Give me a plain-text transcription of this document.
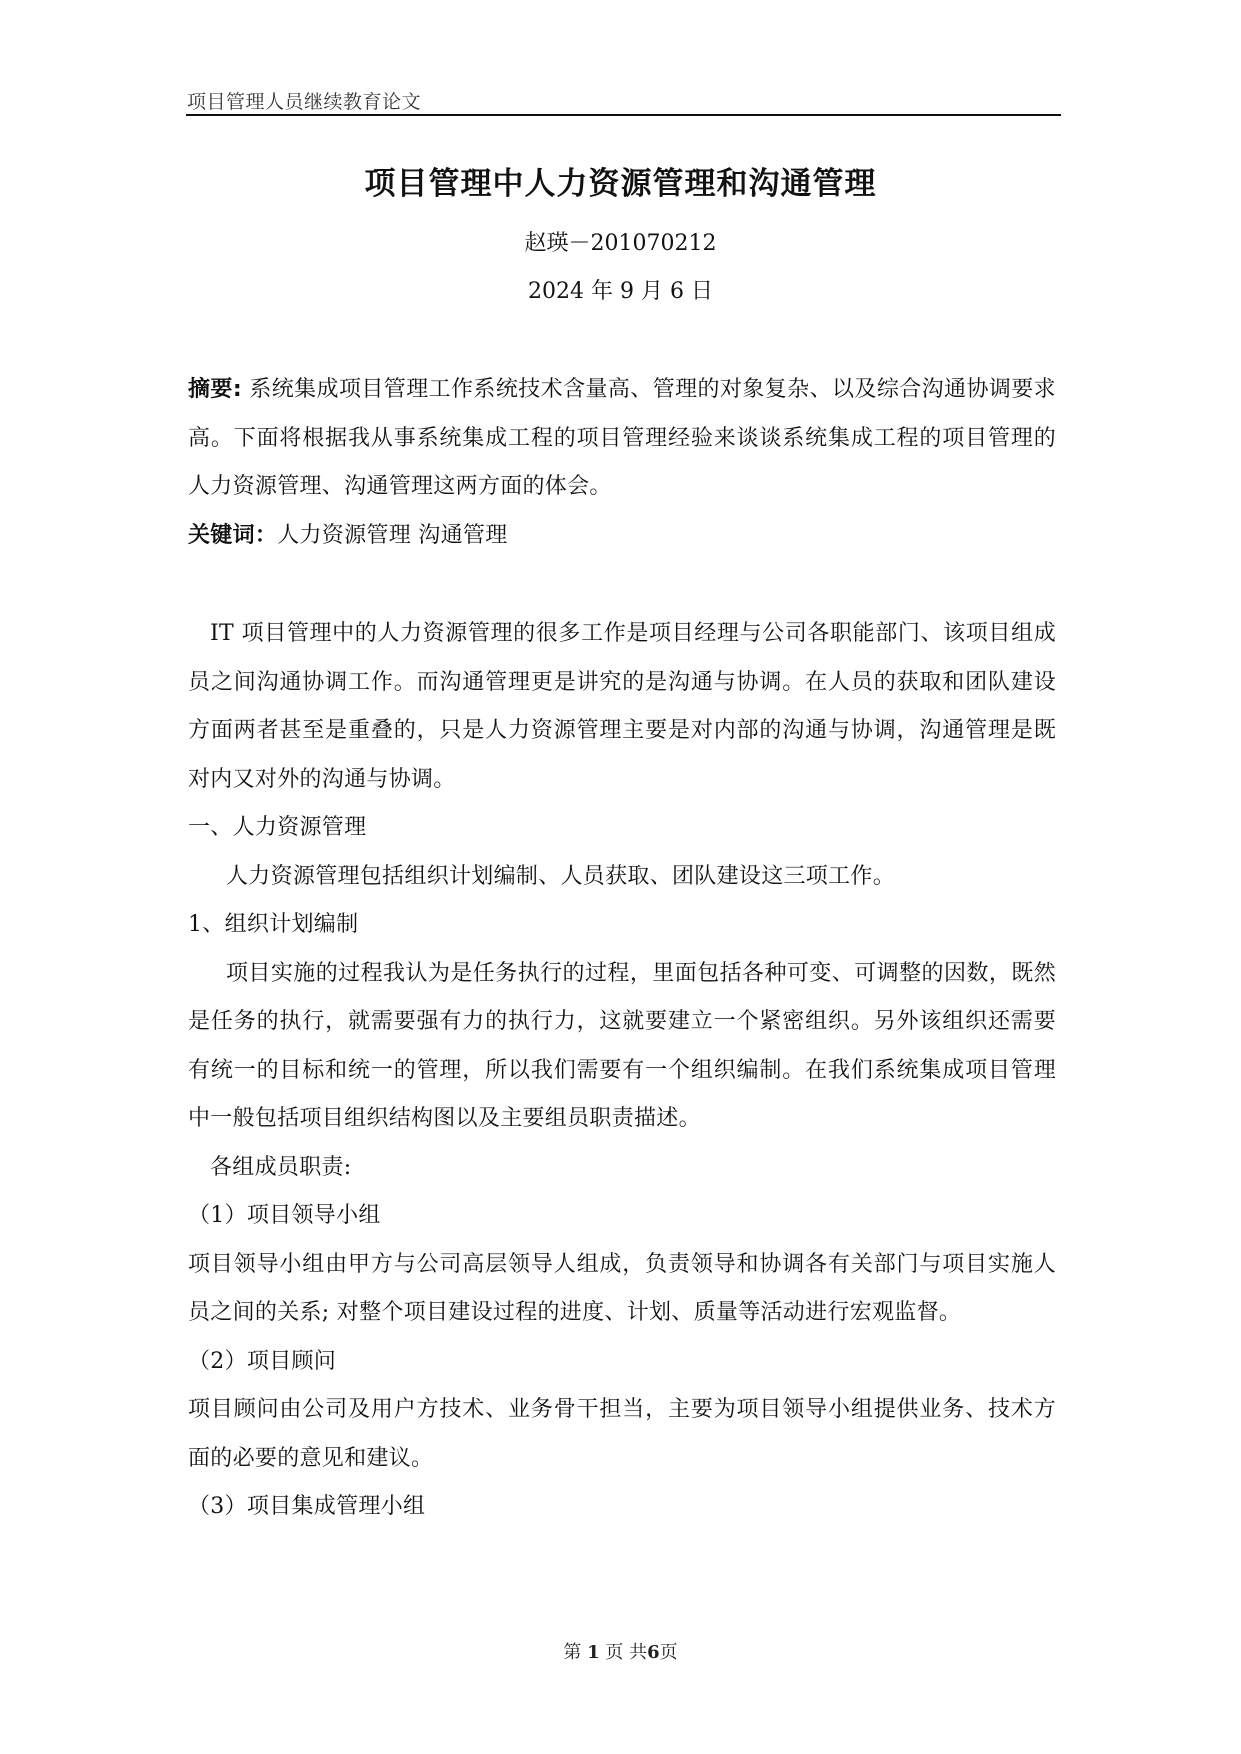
项目管理人员继续教育论文
项目管理中人力资源管理和沟通管理
赵瑛－201070212
2024 年 9 月 6 日

摘要: 系统集成项目管理工作系统技术含量高、管理的对象复杂、以及综合沟通协调要求高。下面将根据我从事系统集成工程的项目管理经验来谈谈系统集成工程的项目管理的人力资源管理、沟通管理这两方面的体会。

关键词：人力资源管理 沟通管理

IT 项目管理中的人力资源管理的很多工作是项目经理与公司各职能部门、该项目组成员之间沟通协调工作。而沟通管理更是讲究的是沟通与协调。在人员的获取和团队建设方面两者甚至是重叠的，只是人力资源管理主要是对内部的沟通与协调，沟通管理是既对内又对外的沟通与协调。

一、人力资源管理

人力资源管理包括组织计划编制、人员获取、团队建设这三项工作。

1、组织计划编制

项目实施的过程我认为是任务执行的过程，里面包括各种可变、可调整的因数，既然是任务的执行，就需要强有力的执行力，这就要建立一个紧密组织。另外该组织还需要有统一的目标和统一的管理，所以我们需要有一个组织编制。在我们系统集成项目管理中一般包括项目组织结构图以及主要组员职责描述。

各组成员职责:

（1）项目领导小组

项目领导小组由甲方与公司高层领导人组成，负责领导和协调各有关部门与项目实施人员之间的关系; 对整个项目建设过程的进度、计划、质量等活动进行宏观监督。

（2）项目顾问

项目顾问由公司及用户方技术、业务骨干担当，主要为项目领导小组提供业务、技术方面的必要的意见和建议。

（3）项目集成管理小组

第 1 页 共6页
